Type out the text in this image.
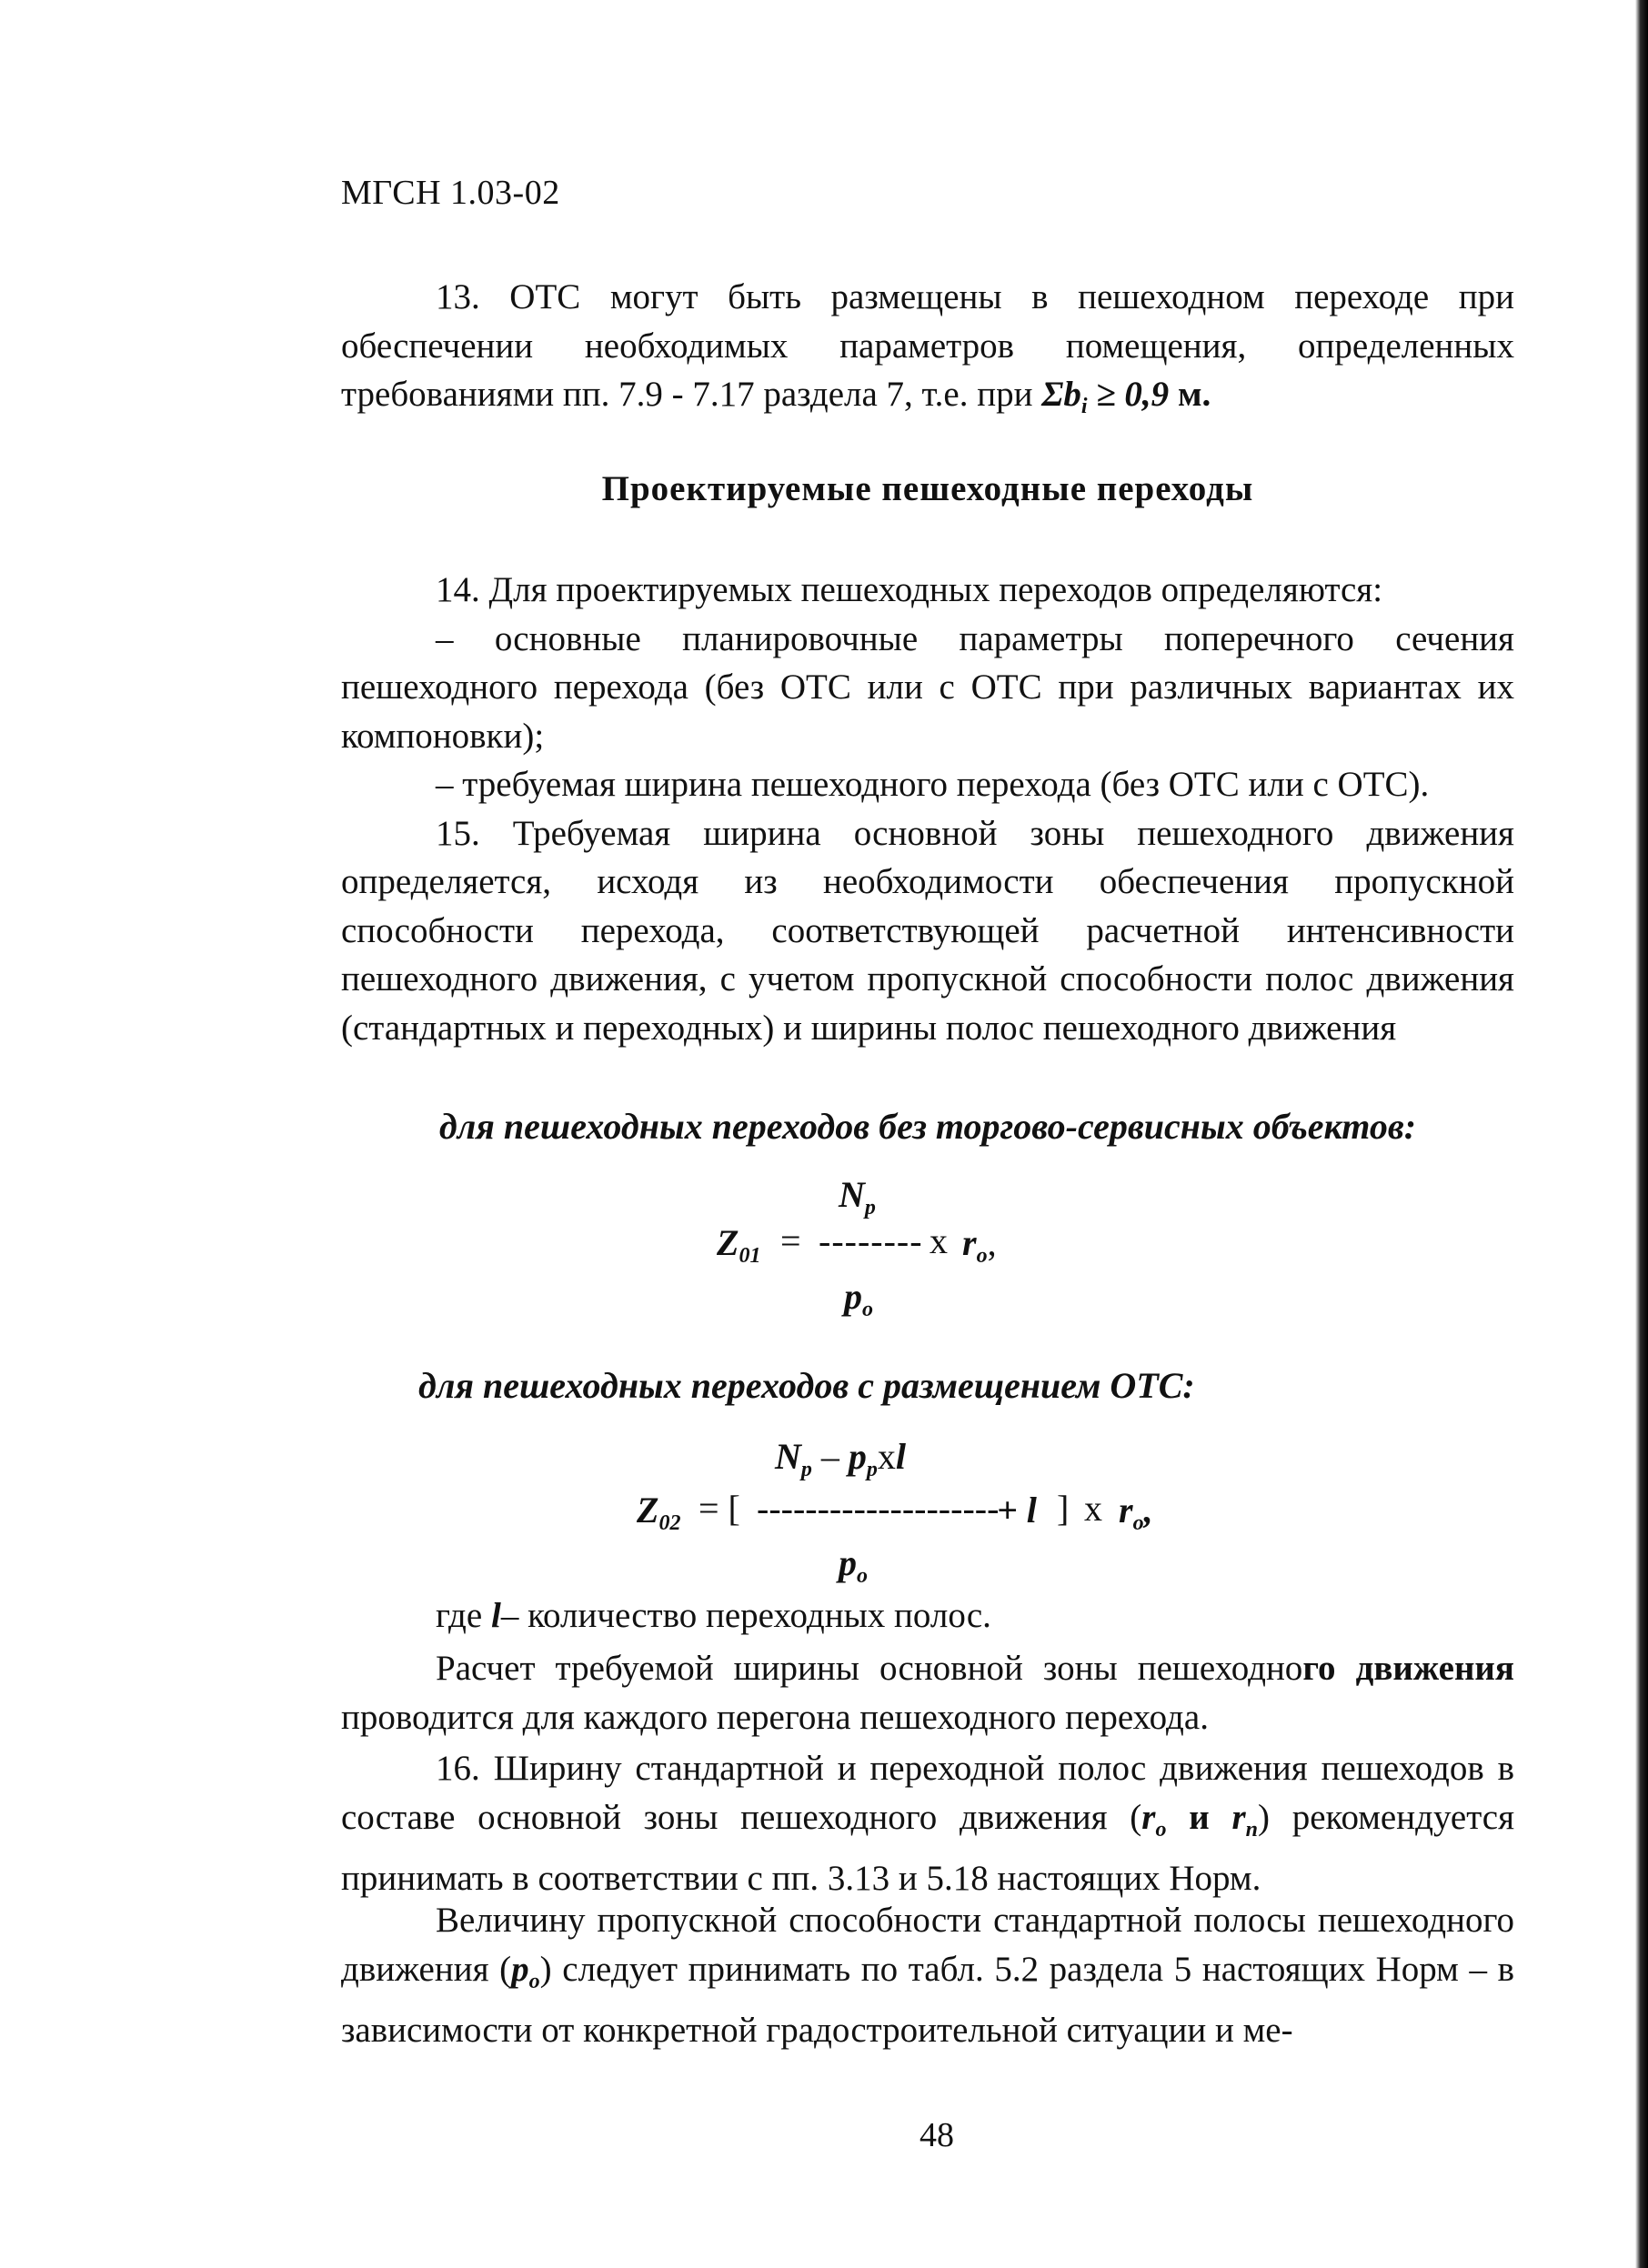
МГСН 1.03-02
13. ОТС могут быть размещены в пешеходном переходе при обеспечении необходимых параметров помещения, определенных требованиями пп. 7.9 - 7.17 раздела 7, т.е. при $\Sigma b_i \ge 0,9$ м.
Проектируемые пешеходные переходы
14. Для проектируемых пешеходных переходов определяются:
– основные планировочные параметры поперечного сечения пешеходного перехода (без ОТС или с ОТС при различных вариантах их компоновки);
– требуемая ширина пешеходного перехода (без ОТС или с ОТС).
15. Требуемая ширина основной зоны пешеходного движения определяется, исходя из необходимости обеспечения пропускной способности перехода, соответствующей расчетной интенсивности пешеходного движения, с учетом пропускной способности полос движения (стандартных и переходных) и ширины полос пешеходного движения
для пешеходных переходов без торгово-сервисных объектов:
$N_p$
$Z_{01}$ = -------- x $r_o$,
$p_o$
для пешеходных переходов с размещением ОТС:
$N_p - p_pxl$
$Z_{02}$ = [ --------------------
+ l ] x $r_o$,
$p_o$
где l– количество переходных полос.
Расчет требуемой ширины основной зоны пешеходного движения проводится для каждого перегона пешеходного перехода.
16. Ширину стандартной и переходной полос движения пешеходов в составе основной зоны пешеходного движения ($r_o$ и $r_п$) рекомендуется принимать в соответствии с пп. 3.13 и 5.18 настоящих Норм.
Величину пропускной способности стандартной полосы пешеходного движения $(p_o)$ следует принимать по табл. 5.2 раздела 5 настоящих Норм – в зависимости от конкретной градостроительной ситуации и ме-
48
